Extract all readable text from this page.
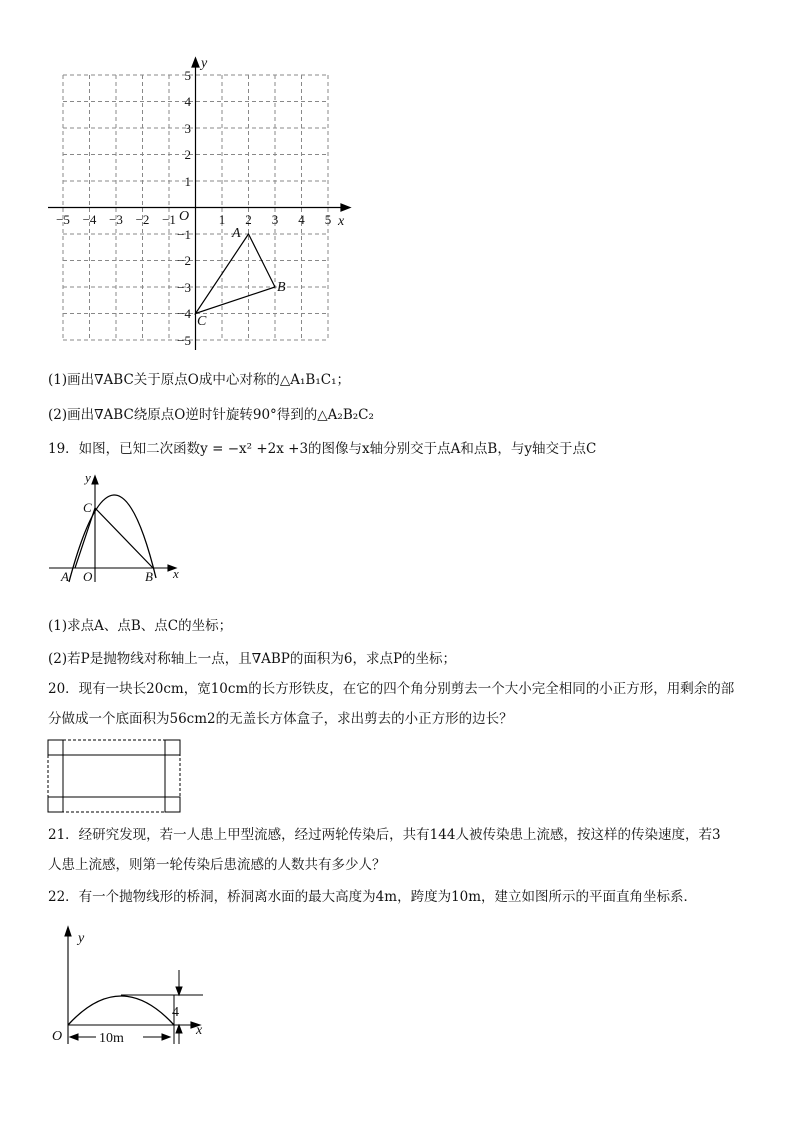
x
y
O
−5 −4 −3 −2 −1	1 2 3 4 5
5
4
3
2
1
−1
−2
−3
−4
−5
A
B
C
(1)画出∇ABC关于原点O成中心对称的△A₁B₁C₁；
(2)画出∇ABC绕原点O逆时针旋转90°得到的△A₂B₂C₂
19．如图，已知二次函数y = −x² +2x +3的图像与x轴分别交于点A和点B，与y轴交于点C
y
x
C
A O	B
(1)求点A、点B、点C的坐标；
(2)若P是抛物线对称轴上一点，且∇ABP的面积为6，求点P的坐标；
20．现有一块长20cm，宽10cm的长方形铁皮，在它的四个角分别剪去一个大小完全相同的小正方形，用剩余的部
分做成一个底面积为56cm2的无盖长方体盒子，求出剪去的小正方形的边长？
21．经研究发现，若一人患上甲型流感，经过两轮传染后，共有144人被传染患上流感，按这样的传染速度，若3
人患上流感，则第一轮传染后患流感的人数共有多少人？
22．有一个抛物线形的桥洞，桥洞离水面的最大高度为4m，跨度为10m，建立如图所示的平面直角坐标系．
y
x
O	10m
4
